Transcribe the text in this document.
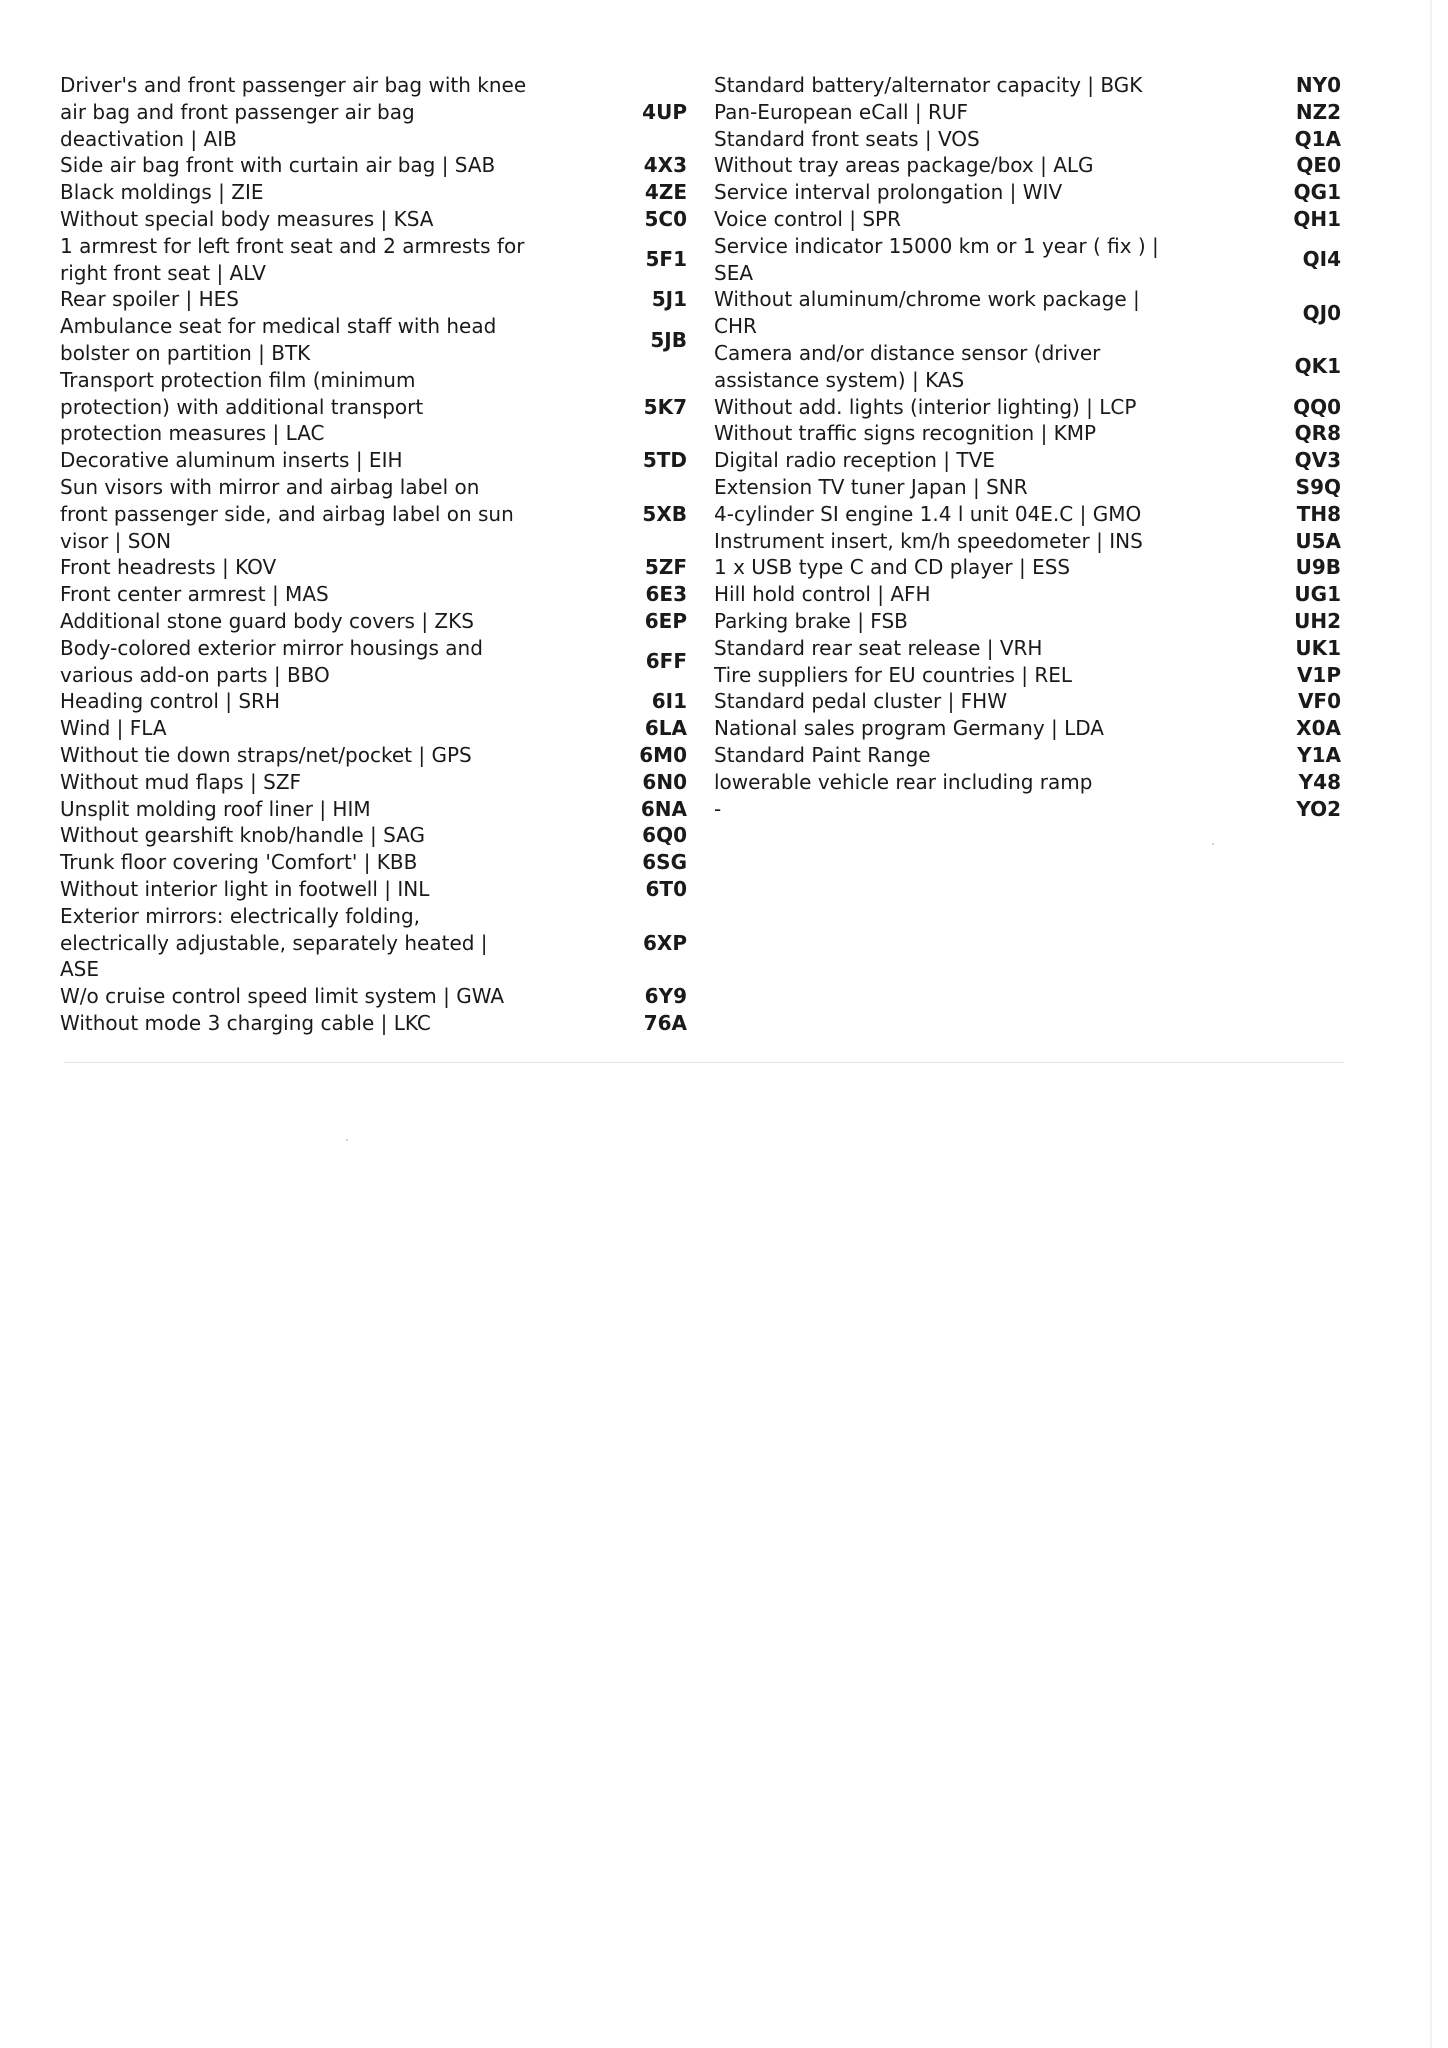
Driver's and front passenger air bag with knee air bag and front passenger air bag deactivation | AIB
4UP
Side air bag front with curtain air bag | SAB	4X3
Black moldings | ZIE	4ZE
Without special body measures | KSA	5C0
1 armrest for left front seat and 2 armrests for right front seat | ALV
5F1
Rear spoiler | HES	5J1
Ambulance seat for medical staff with head bolster on partition | BTK
5JB
Transport protection film (minimum protection) with additional transport protection measures | LAC
5K7
Decorative aluminum inserts | EIH	5TD
Sun visors with mirror and airbag label on front passenger side, and airbag label on sun visor | SON
5XB
Front headrests | KOV	5ZF
Front center armrest | MAS	6E3
Additional stone guard body covers | ZKS	6EP
Body-colored exterior mirror housings and various add-on parts | BBO
6FF
Heading control | SRH	6I1
Wind | FLA	6LA
Without tie down straps/net/pocket | GPS	6M0
Without mud flaps | SZF	6N0
Unsplit molding roof liner | HIM	6NA
Without gearshift knob/handle | SAG	6Q0
Trunk floor covering 'Comfort' | KBB	6SG
Without interior light in footwell | INL	6T0
Exterior mirrors: electrically folding, electrically adjustable, separately heated | ASE
6XP
W/o cruise control speed limit system | GWA	6Y9
Without mode 3 charging cable | LKC	76A
Standard battery/alternator capacity | BGK	NY0
Pan-European eCall | RUF	NZ2
Standard front seats | VOS	Q1A
Without tray areas package/box | ALG	QE0
Service interval prolongation | WIV	QG1
Voice control | SPR	QH1
Service indicator 15000 km or 1 year ( fix ) | SEA
QI4
Without aluminum/chrome work package | CHR
QJ0
Camera and/or distance sensor (driver assistance system) | KAS
QK1
Without add. lights (interior lighting) | LCP	QQ0
Without traffic signs recognition | KMP	QR8
Digital radio reception | TVE	QV3
Extension TV tuner Japan | SNR	S9Q
4-cylinder SI engine 1.4 l unit 04E.C | GMO	TH8
Instrument insert, km/h speedometer | INS	U5A
1 x USB type C and CD player | ESS	U9B
Hill hold control | AFH	UG1
Parking brake | FSB	UH2
Standard rear seat release | VRH	UK1
Tire suppliers for EU countries | REL	V1P
Standard pedal cluster | FHW	VF0
National sales program Germany | LDA	X0A
Standard Paint Range	Y1A
lowerable vehicle rear including ramp	Y48
-	YO2
